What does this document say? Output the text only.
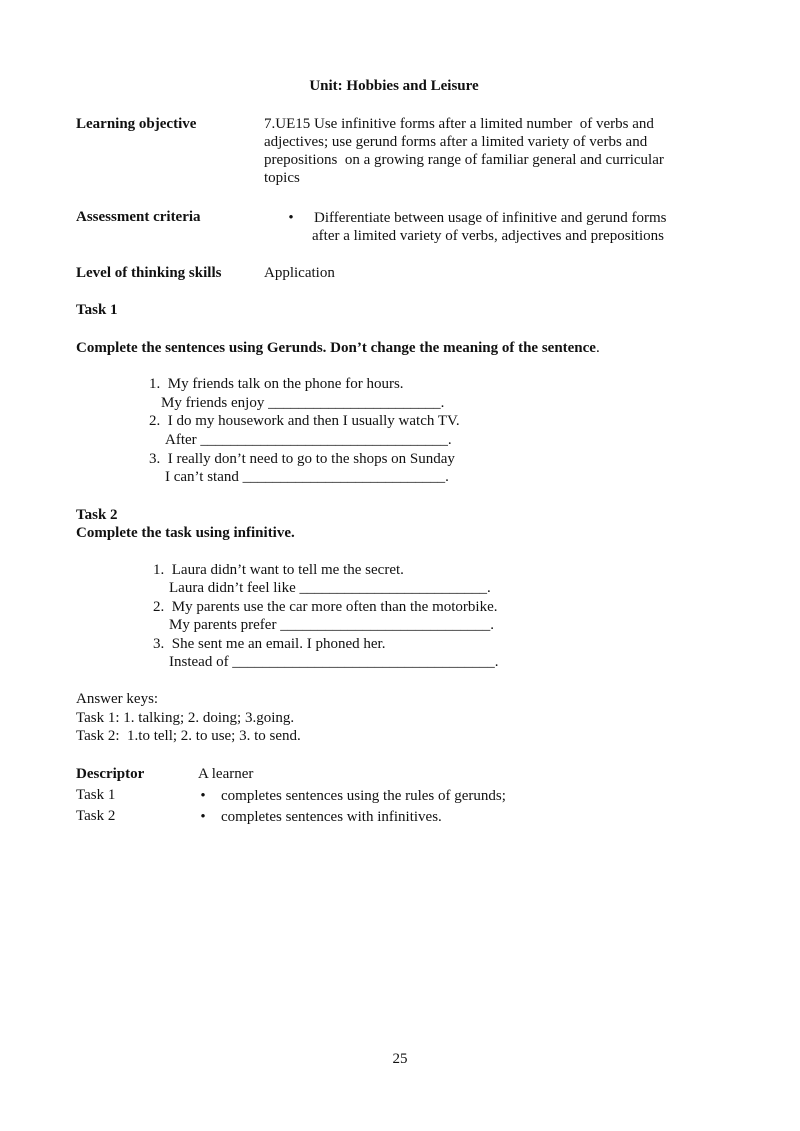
Unit: Hobbies and Leisure
Learning objective	7.UE15 Use infinitive forms after a limited number  of verbs and
adjectives; use gerund forms after a limited variety of verbs and
prepositions  on a growing range of familiar general and curricular
topics
Assessment criteria	• Differentiate between usage of infinitive and gerund forms
after a limited variety of verbs, adjectives and prepositions
Level of thinking skills	Application
Task 1
Complete the sentences using Gerunds. Don’t change the meaning of the sentence.
1.  My friends talk on the phone for hours.
My friends enjoy _______________________.
2.  I do my housework and then I usually watch TV.
After _________________________________.
3.  I really don’t need to go to the shops on Sunday
I can’t stand ___________________________.
Task 2
Complete the task using infinitive.
1.  Laura didn’t want to tell me the secret.
Laura didn’t feel like _________________________.
2.  My parents use the car more often than the motorbike.
My parents prefer ____________________________.
3.  She sent me an email. I phoned her.
Instead of ___________________________________.
Answer keys:
Task 1: 1. talking; 2. doing; 3.going.
Task 2:  1.to tell; 2. to use; 3. to send.
Descriptor	A learner
Task 1	• completes sentences using the rules of gerunds;
Task 2	• completes sentences with infinitives.
25
